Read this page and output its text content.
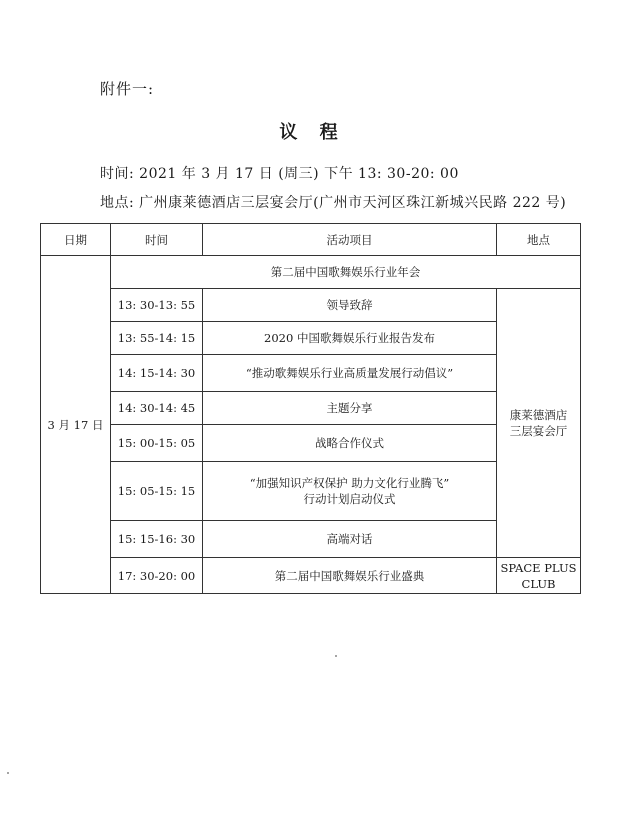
附件一:
议 程
时间: 2021 年 3 月 17 日 (周三) 下午 13: 30-20: 00
地点: 广州康莱德酒店三层宴会厅(广州市天河区珠江新城兴民路 222 号)
日期	时间	活动项目	地点
3 月 17 日	第二届中国歌舞娱乐行业年会		
	13: 30-13: 55	领导致辞	康莱德酒店
三层宴会厅

	13: 55-14: 15	2020 中国歌舞娱乐行业报告发布	
	14: 15-14: 30	“推动歌舞娱乐行业高质量发展行动倡议”	
	14: 30-14: 45	主题分享	
	15: 00-15: 05	战略合作仪式	
	15: 05-15: 15	“加强知识产权保护 助力文化行业腾飞”
行动计划启动仪式	

	15: 15-16: 30	高端对话	
	17: 30-20: 00	第二届中国歌舞娱乐行业盛典	SPACE PLUS
CLUB
